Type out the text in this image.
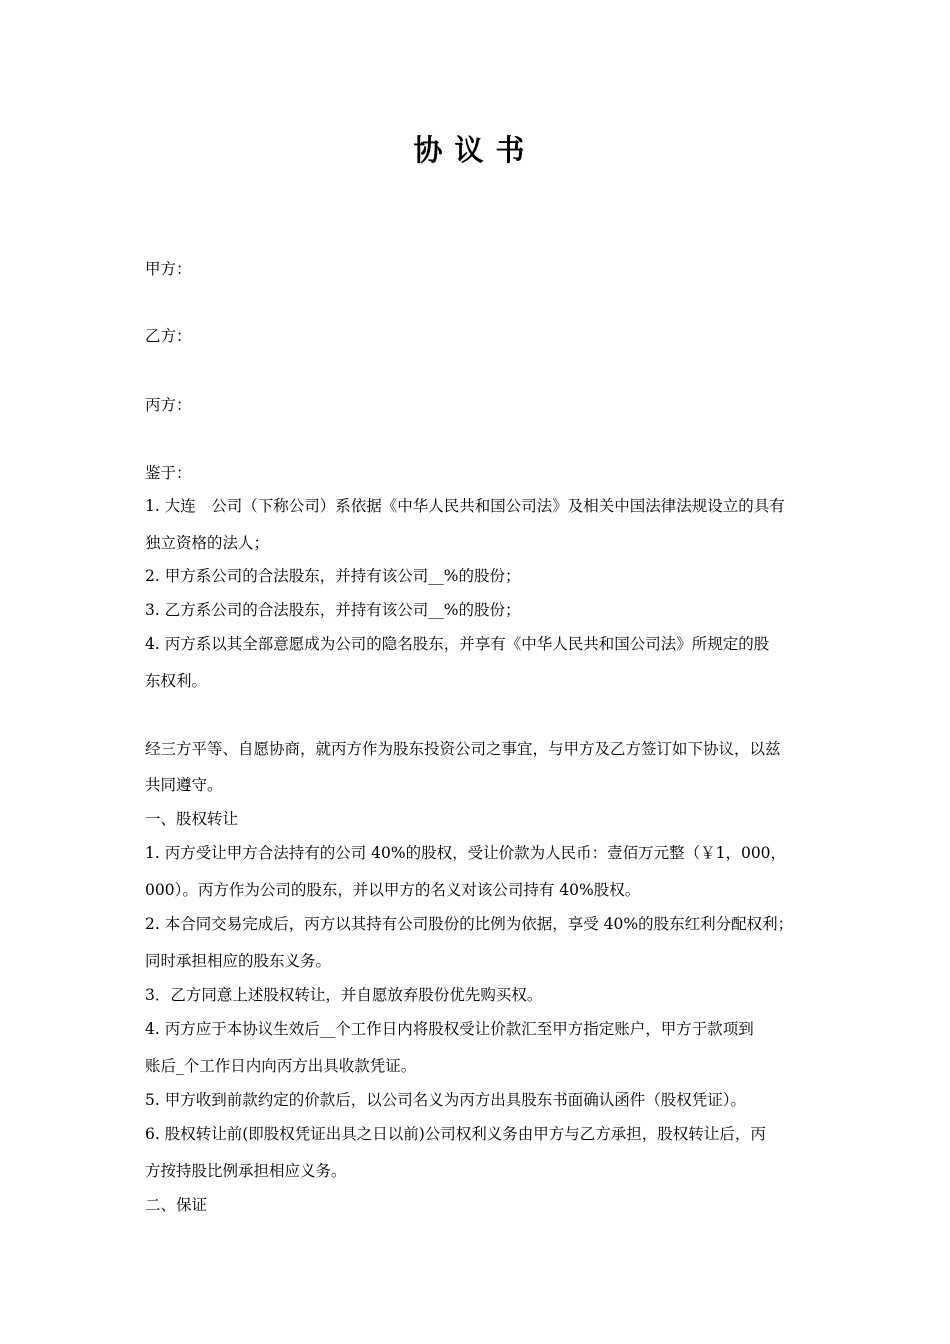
协议书
甲方：
乙方：
丙方：
鉴于：
1. 大连　公司（下称公司）系依据《中华人民共和国公司法》及相关中国法律法规设立的具有
独立资格的法人；
2. 甲方系公司的合法股东，并持有该公司__%的股份；
3. 乙方系公司的合法股东，并持有该公司__%的股份；
4. 丙方系以其全部意愿成为公司的隐名股东，并享有《中华人民共和国公司法》所规定的股
东权利。
经三方平等、自愿协商，就丙方作为股东投资公司之事宜，与甲方及乙方签订如下协议，以兹
共同遵守。
一、股权转让
1. 丙方受让甲方合法持有的公司 40%的股权，受让价款为人民币：壹佰万元整（￥1，000，
000）。丙方作为公司的股东，并以甲方的名义对该公司持有 40%股权。
2. 本合同交易完成后，丙方以其持有公司股份的比例为依据，享受 40%的股东红利分配权利；
同时承担相应的股东义务。
3．乙方同意上述股权转让，并自愿放弃股份优先购买权。
4. 丙方应于本协议生效后__个工作日内将股权受让价款汇至甲方指定账户，甲方于款项到
账后_个工作日内向丙方出具收款凭证。
5. 甲方收到前款约定的价款后，以公司名义为丙方出具股东书面确认函件（股权凭证）。
6. 股权转让前(即股权凭证出具之日以前)公司权利义务由甲方与乙方承担，股权转让后，丙
方按持股比例承担相应义务。
二、保证
